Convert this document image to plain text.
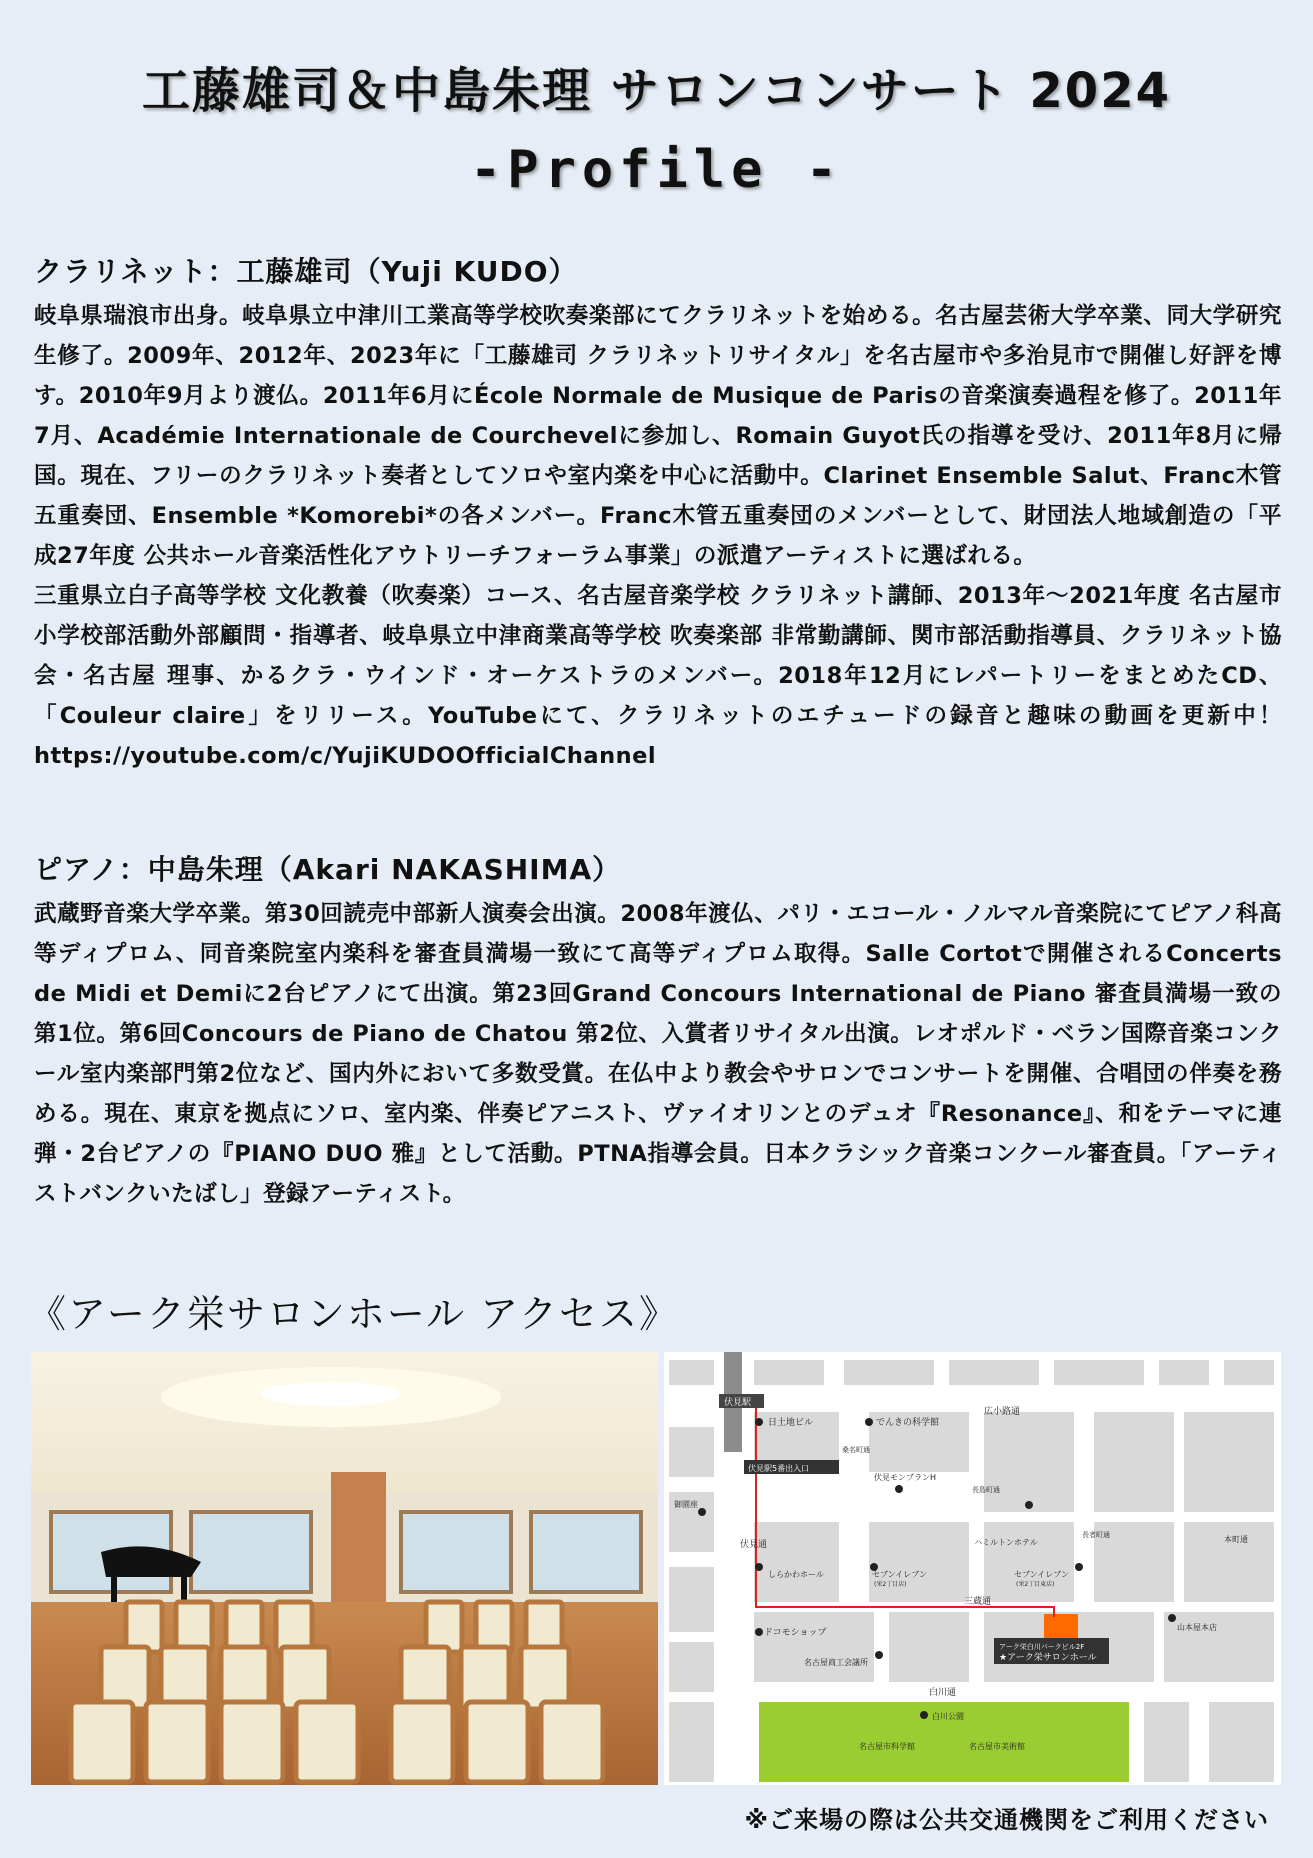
工藤雄司＆中島朱理 サロンコンサート 2024
-Profile -
クラリネット：工藤雄司（Yuji KUDO）

岐阜県瑞浪市出身。岐阜県立中津川工業高等学校吹奏楽部にてクラリネットを始める。名古屋芸術大学卒業、同大学研究生修了。2009年、2012年、2023年に「工藤雄司 クラリネットリサイタル」を名古屋市や多治見市で開催し好評を博す。2010年9月より渡仏。2011年6月にÉcole Normale de Musique de Parisの音楽演奏過程を修了。2011年7月、Académie Internationale de Courchevelに参加し、Romain Guyot氏の指導を受け、2011年8月に帰国。現在、フリーのクラリネット奏者としてソロや室内楽を中心に活動中。Clarinet Ensemble Salut、Franc木管五重奏団、Ensemble *Komorebi*の各メンバー。Franc木管五重奏団のメンバーとして、財団法人地域創造の「平成27年度 公共ホール音楽活性化アウトリーチフォーラム事業」の派遣アーティストに選ばれる。

三重県立白子高等学校 文化教養（吹奏楽）コース、名古屋音楽学校 クラリネット講師、2013年～2021年度 名古屋市小学校部活動外部顧問・指導者、岐阜県立中津商業高等学校 吹奏楽部 非常勤講師、関市部活動指導員、クラリネット協会・名古屋 理事、かるクラ・ウインド・オーケストラのメンバー。2018年12月にレパートリーをまとめたCD、「Couleur claire」をリリース。YouTubeにて、クラリネットのエチュードの録音と趣味の動画を更新中！ https://youtube.com/c/YujiKUDOOfficialChannel

ピアノ：中島朱理（Akari NAKASHIMA）

武蔵野音楽大学卒業。第30回読売中部新人演奏会出演。2008年渡仏、パリ・エコール・ノルマル音楽院にてピアノ科高等ディプロム、同音楽院室内楽科を審査員満場一致にて高等ディプロム取得。Salle Cortotで開催されるConcerts de Midi et Demiに2台ピアノにて出演。第23回Grand Concours International de Piano 審査員満場一致の第1位。第6回Concours de Piano de Chatou 第2位、入賞者リサイタル出演。レオポルド・ベラン国際音楽コンクール室内楽部門第2位など、国内外において多数受賞。在仏中より教会やサロンでコンサートを開催、合唱団の伴奏を務める。現在、東京を拠点にソロ、室内楽、伴奏ピアニスト、ヴァイオリンとのデュオ『Resonance』、和をテーマに連弾・2台ピアノの『PIANO DUO 雅』として活動。PTNA指導会員。日本クラシック音楽コンクール審査員。「アーティストバンクいたばし」登録アーティスト。

《アーク栄サロンホール アクセス》
伏見駅
伏見駅5番出入口
アーク栄白川パークビル2F
★アーク栄サロンホール
日土地ビル	でんきの科学館
広小路通
伏見モンブランH
御園座
ハミルトンホテル
しらかわホール	セブンイレブン
(栄2丁目店)
セブンイレブン
(栄2丁目東店)
三蔵通
山本屋本店
ドコモショップ
名古屋商工会議所
白川通
白川公園
名古屋市科学館	名古屋市美術館
伏見通
桑名町通
長島町通
長者町通	本町通
※ご来場の際は公共交通機関をご利用ください
